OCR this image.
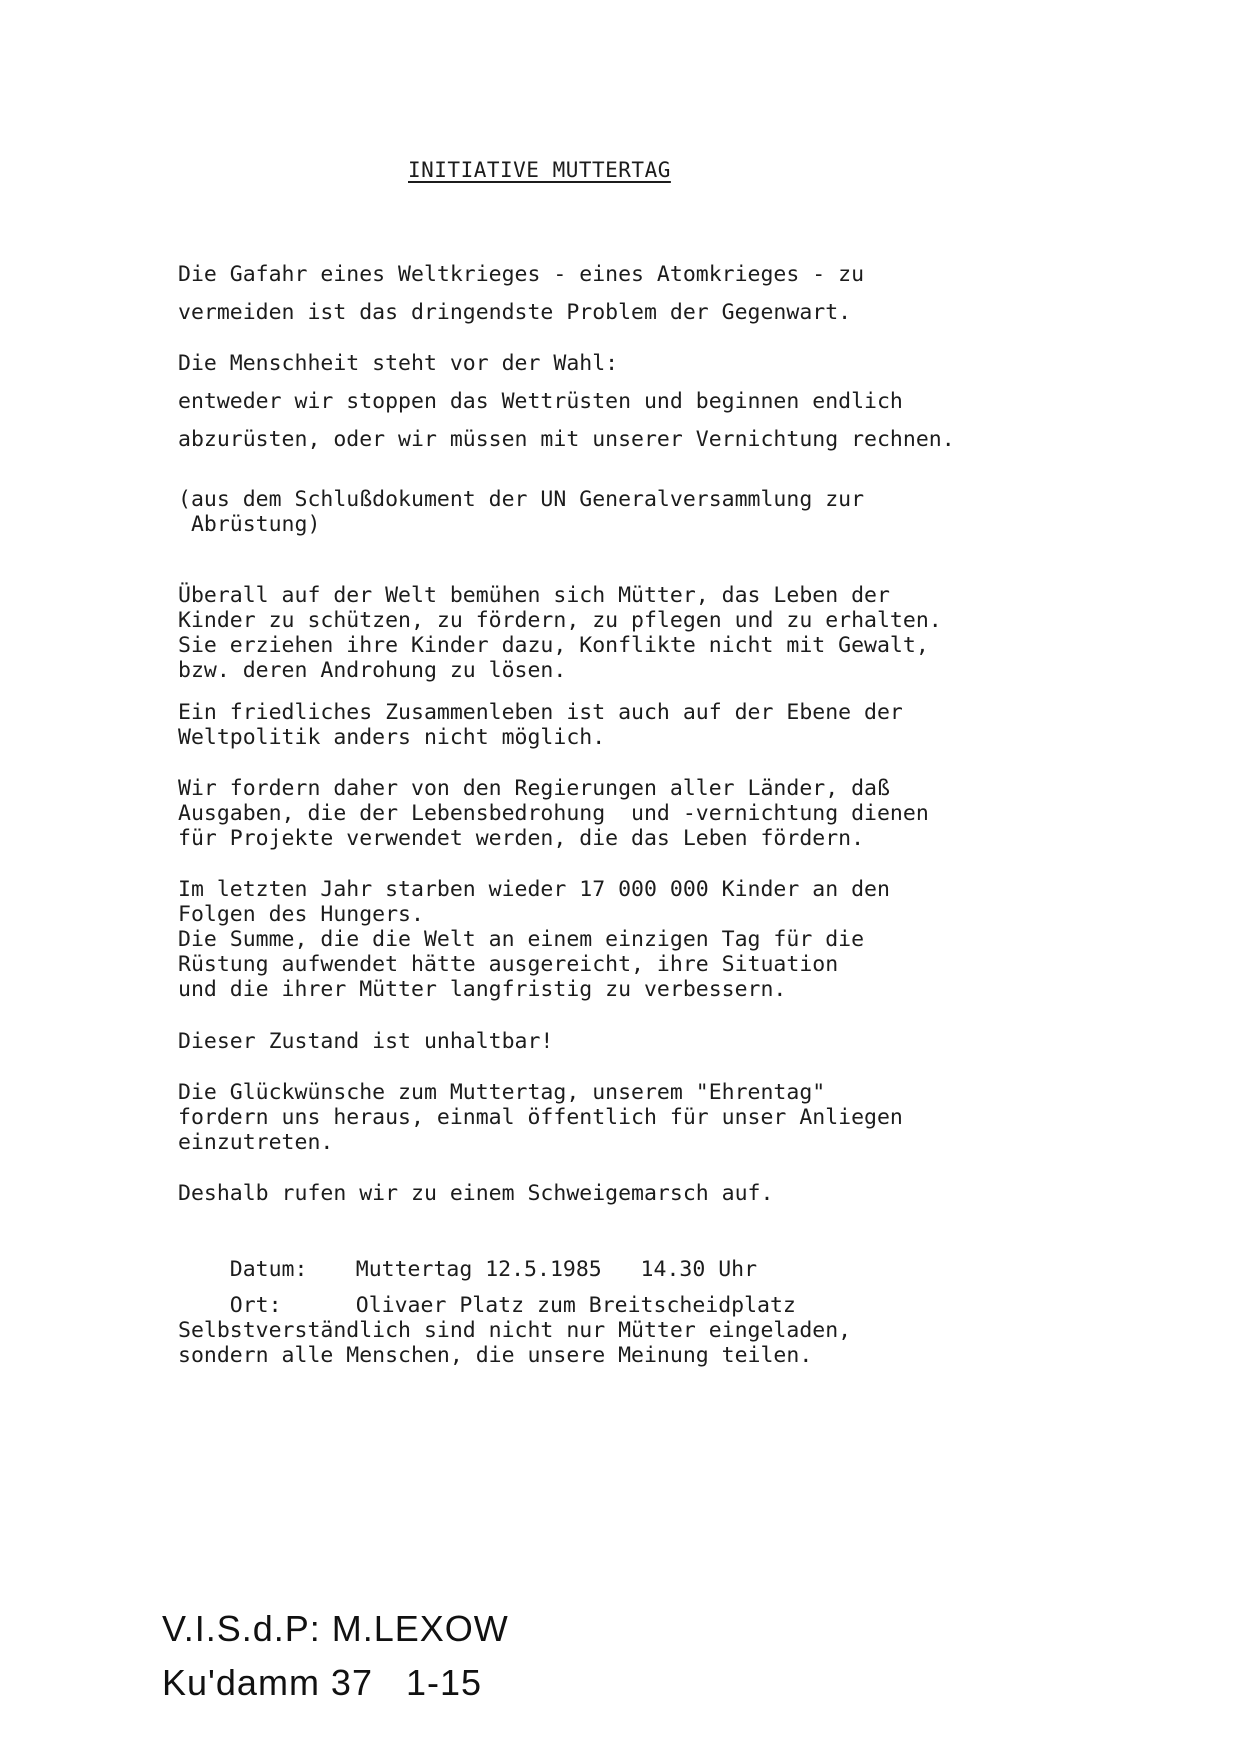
INITIATIVE MUTTERTAG
Die Gafahr eines Weltkrieges - eines Atomkrieges - zu
vermeiden ist das dringendste Problem der Gegenwart.
Die Menschheit steht vor der Wahl:
entweder wir stoppen das Wettrüsten und beginnen endlich
abzurüsten, oder wir müssen mit unserer Vernichtung rechnen.
(aus dem Schlußdokument der UN Generalversammlung zur
Abrüstung)
Überall auf der Welt bemühen sich Mütter, das Leben der
Kinder zu schützen, zu fördern, zu pflegen und zu erhalten.
Sie erziehen ihre Kinder dazu, Konflikte nicht mit Gewalt,
bzw. deren Androhung zu lösen.
Ein friedliches Zusammenleben ist auch auf der Ebene der
Weltpolitik anders nicht möglich.
Wir fordern daher von den Regierungen aller Länder, daß
Ausgaben, die der Lebensbedrohung  und -vernichtung dienen
für Projekte verwendet werden, die das Leben fördern.
Im letzten Jahr starben wieder 17 000 000 Kinder an den
Folgen des Hungers.
Die Summe, die die Welt an einem einzigen Tag für die
Rüstung aufwendet hätte ausgereicht, ihre Situation
und die ihrer Mütter langfristig zu verbessern.
Dieser Zustand ist unhaltbar!
Die Glückwünsche zum Muttertag, unserem "Ehrentag"
fordern uns heraus, einmal öffentlich für unser Anliegen
einzutreten.
Deshalb rufen wir zu einem Schweigemarsch auf.

Datum: Muttertag 12.5.1985   14.30 Uhr

Ort:	Olivaer Platz zum Breitscheidplatz

Selbstverständlich sind nicht nur Mütter eingeladen,
sondern alle Menschen, die unsere Meinung teilen.
V.I.S.d.P: M.LEXOW
Ku'damm 37   1-15
